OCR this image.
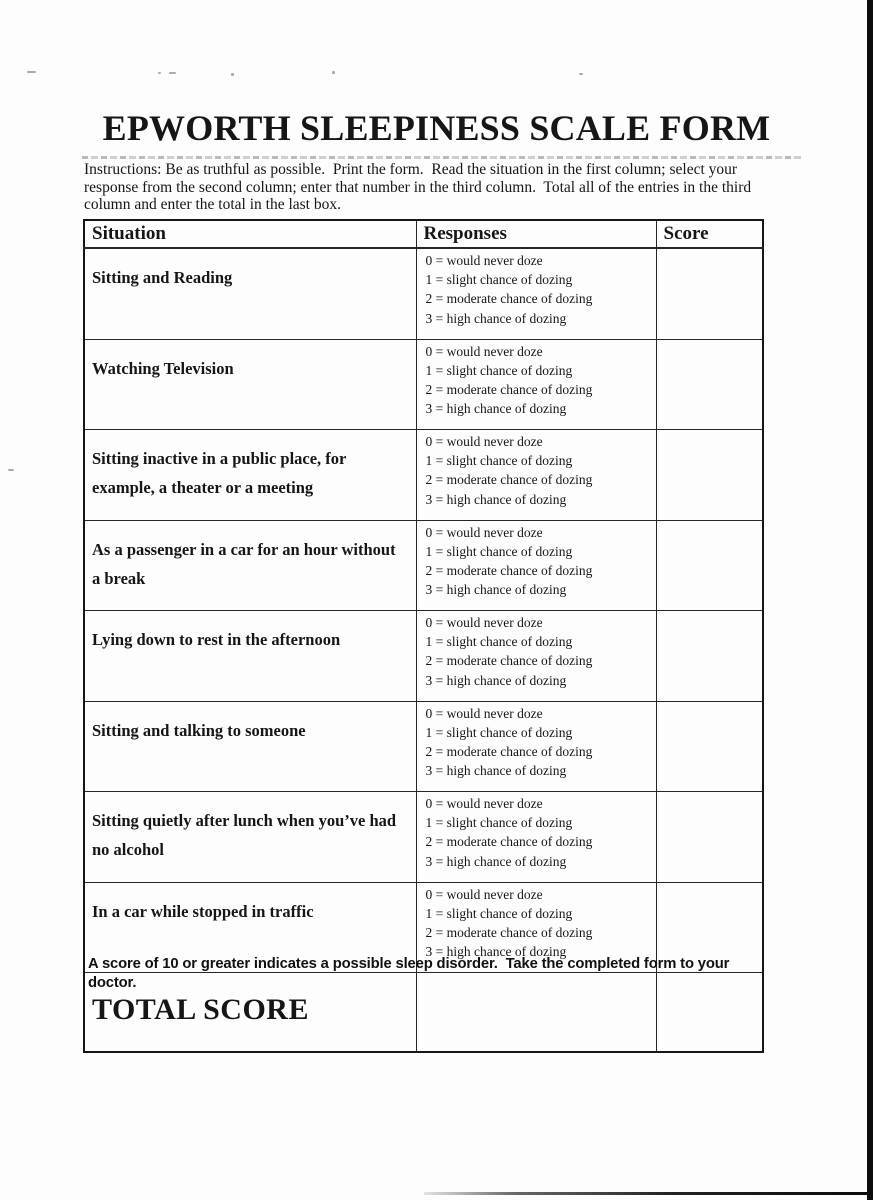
EPWORTH SLEEPINESS SCALE FORM

Instructions: Be as truthful as possible.  Print the form.  Read the situation in the first column; select your response from the second column; enter that number in the third column.  Total all of the entries in the third column and enter the total in the last box.

Situation	Responses	Score
Sitting and Reading	0 = would never doze
1 = slight chance of dozing
2 = moderate chance of dozing
3 = high chance of dozing	

Watching Television	0 = would never doze
1 = slight chance of dozing
2 = moderate chance of dozing
3 = high chance of dozing	

Sitting inactive in a public place, for example, a theater or a meeting	0 = would never doze
1 = slight chance of dozing
2 = moderate chance of dozing
3 = high chance of dozing	

As a passenger in a car for an hour without a break	0 = would never doze
1 = slight chance of dozing
2 = moderate chance of dozing
3 = high chance of dozing	

Lying down to rest in the afternoon	0 = would never doze
1 = slight chance of dozing
2 = moderate chance of dozing
3 = high chance of dozing	

Sitting and talking to someone	0 = would never doze
1 = slight chance of dozing
2 = moderate chance of dozing
3 = high chance of dozing	

Sitting quietly after lunch when you’ve had no alcohol	0 = would never doze
1 = slight chance of dozing
2 = moderate chance of dozing
3 = high chance of dozing	

In a car while stopped in traffic	0 = would never doze
1 = slight chance of dozing
2 = moderate chance of dozing
3 = high chance of dozing	

TOTAL SCORE		

A score of 10 or greater indicates a possible sleep disorder.  Take the completed form to your doctor.
